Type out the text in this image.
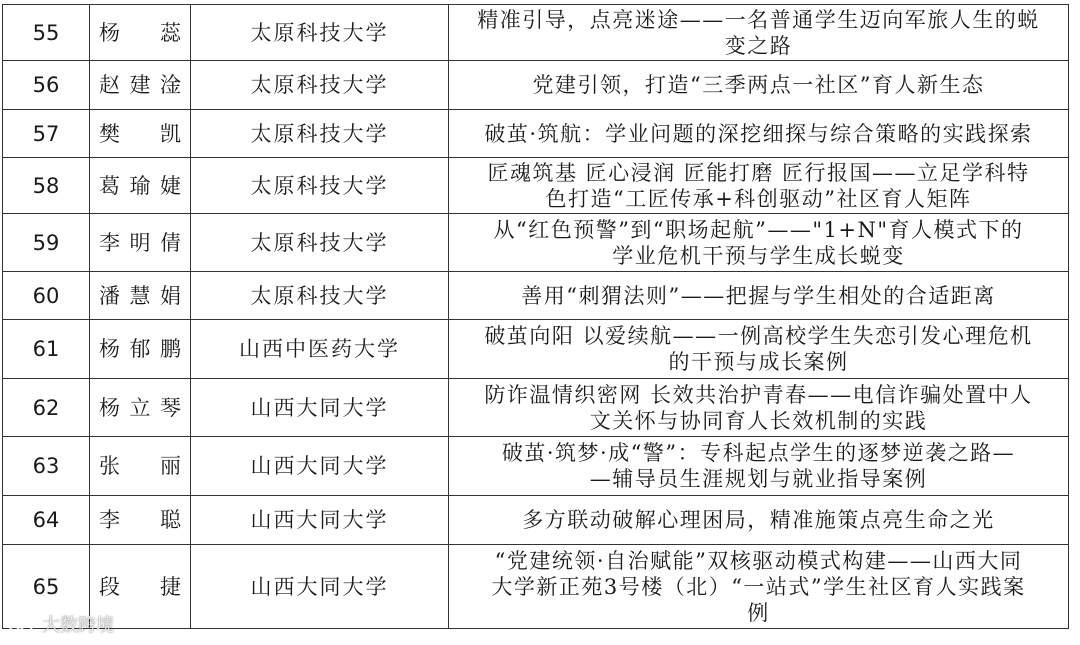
55	杨蕊	太原科技大学	精准引导，点亮迷途——一名普通学生迈向军旅人生的蜕
变之路

56	赵建淦	太原科技大学	党建引领，打造“三季两点一社区”育人新生态

57	樊凯	太原科技大学	破茧·筑航：学业问题的深挖细探与综合策略的实践探索

58	葛瑜婕	太原科技大学	匠魂筑基 匠心浸润 匠能打磨 匠行报国——立足学科特
色打造“工匠传承+科创驱动”社区育人矩阵

59	李明倩	太原科技大学	从“红色预警”到“职场起航”——"1+N"育人模式下的
学业危机干预与学生成长蜕变

60	潘慧娟	太原科技大学	善用“刺猬法则”——把握与学生相处的合适距离

61	杨郁鹏	山西中医药大学	破茧向阳 以爱续航——一例高校学生失恋引发心理危机
的干预与成长案例

62	杨立琴	山西大同大学	防诈温情织密网 长效共治护青春——电信诈骗处置中人
文关怀与协同育人长效机制的实践

63	张丽	山西大同大学	破茧·筑梦·成“警”：专科起点学生的逐梦逆袭之路—
—辅导员生涯规划与就业指导案例

64	李聪	山西大同大学	多方联动破解心理困局，精准施策点亮生命之光

65	段捷	山西大同大学	“党建统领·自治赋能”双核驱动模式构建——山西大同
大学新正苑3号楼（北）“一站式”学生社区育人实践案
例
大数跨境
